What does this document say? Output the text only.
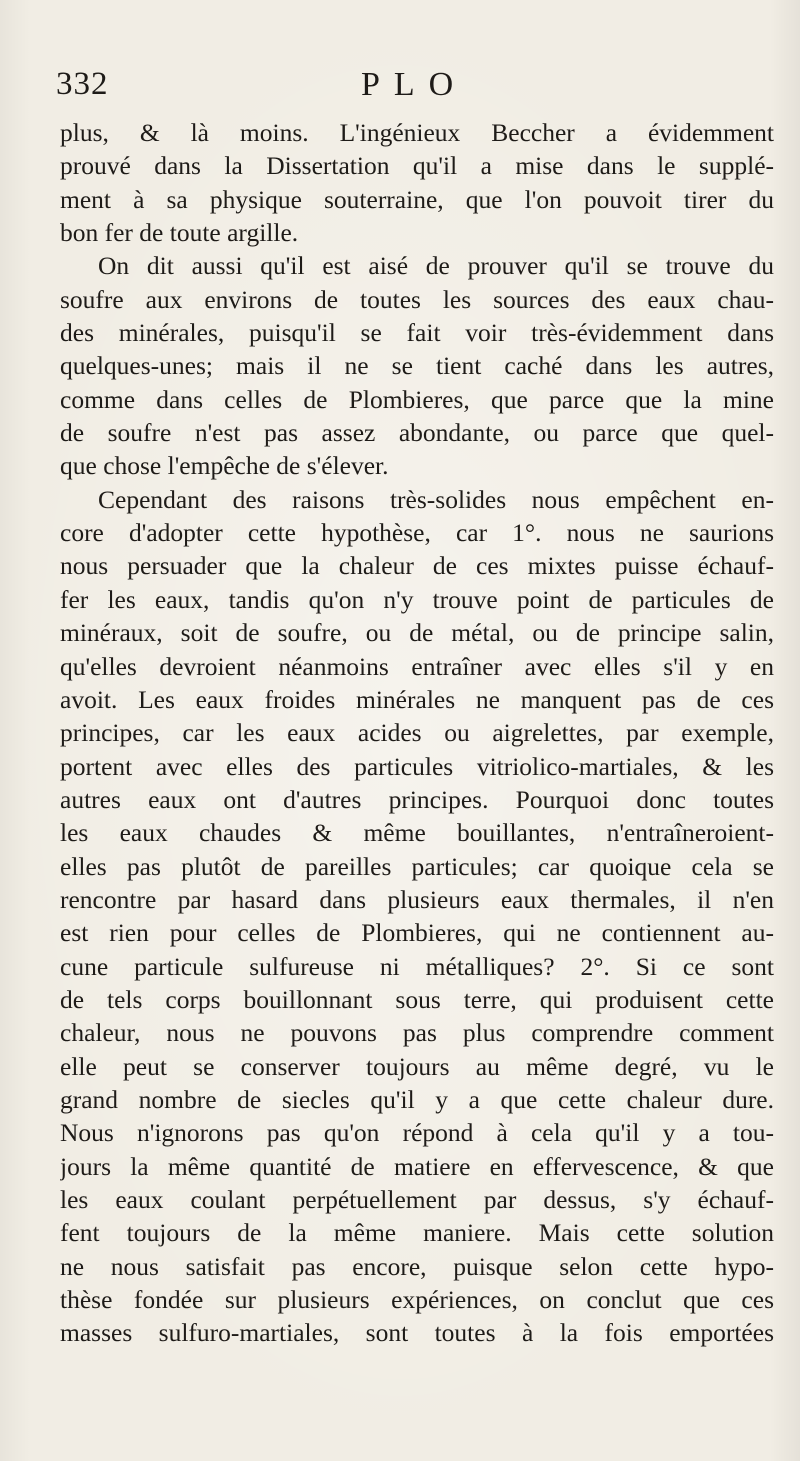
332	PLO
plus, & là moins. L'ingénieux Beccher a évidemment
prouvé dans la Dissertation qu'il a mise dans le supplé-
ment à sa physique souterraine, que l'on pouvoit tirer du
bon fer de toute argille.
On dit aussi qu'il est aisé de prouver qu'il se trouve du
soufre aux environs de toutes les sources des eaux chau-
des minérales, puisqu'il se fait voir très-évidemment dans
quelques-unes; mais il ne se tient caché dans les autres,
comme dans celles de Plombieres, que parce que la mine
de soufre n'est pas assez abondante, ou parce que quel-
que chose l'empêche de s'élever.
Cependant des raisons très-solides nous empêchent en-
core d'adopter cette hypothèse, car 1°. nous ne saurions
nous persuader que la chaleur de ces mixtes puisse échauf-
fer les eaux, tandis qu'on n'y trouve point de particules de
minéraux, soit de soufre, ou de métal, ou de principe salin,
qu'elles devroient néanmoins entraîner avec elles s'il y en
avoit. Les eaux froides minérales ne manquent pas de ces
principes, car les eaux acides ou aigrelettes, par exemple,
portent avec elles des particules vitriolico-martiales, & les
autres eaux ont d'autres principes. Pourquoi donc toutes
les eaux chaudes & même bouillantes, n'entraîneroient-
elles pas plutôt de pareilles particules; car quoique cela se
rencontre par hasard dans plusieurs eaux thermales, il n'en
est rien pour celles de Plombieres, qui ne contiennent au-
cune particule sulfureuse ni métalliques? 2°. Si ce sont
de tels corps bouillonnant sous terre, qui produisent cette
chaleur, nous ne pouvons pas plus comprendre comment
elle peut se conserver toujours au même degré, vu le
grand nombre de siecles qu'il y a que cette chaleur dure.
Nous n'ignorons pas qu'on répond à cela qu'il y a tou-
jours la même quantité de matiere en effervescence, & que
les eaux coulant perpétuellement par dessus, s'y échauf-
fent toujours de la même maniere. Mais cette solution
ne nous satisfait pas encore, puisque selon cette hypo-
thèse fondée sur plusieurs expériences, on conclut que ces
masses sulfuro-martiales, sont toutes à la fois emportées
